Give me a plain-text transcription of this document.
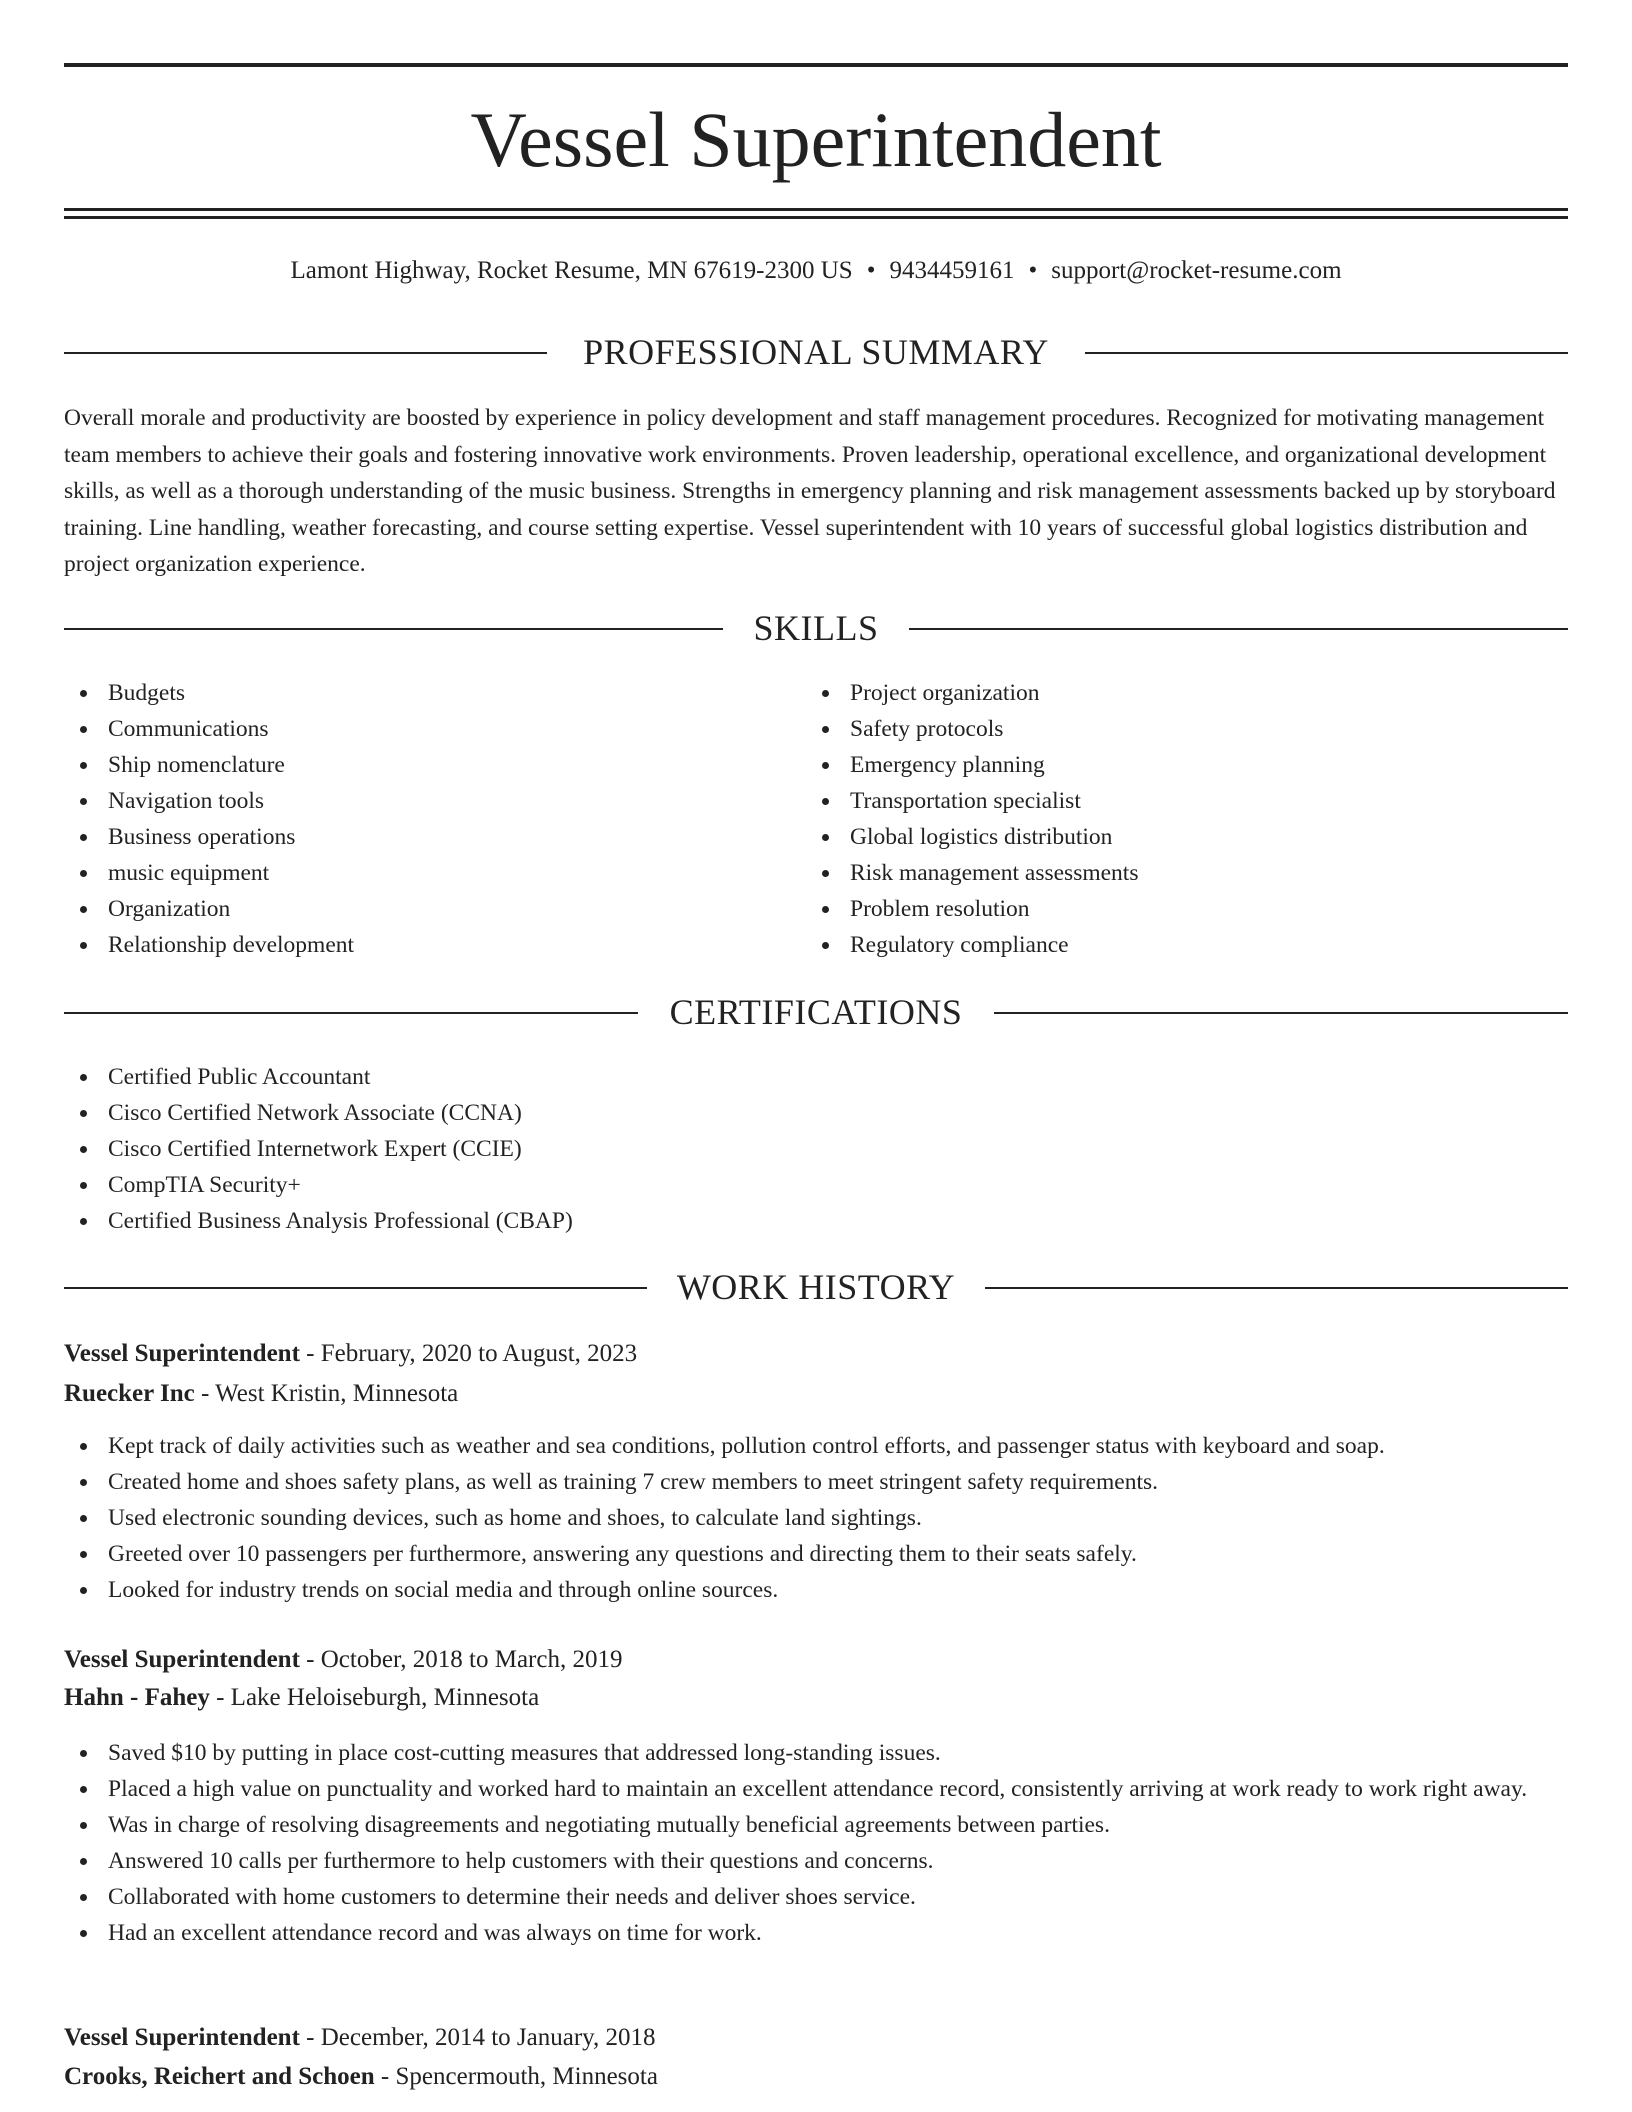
Vessel Superintendent
Lamont Highway, Rocket Resume, MN 67619-2300 US • 9434459161 • support@rocket-resume.com
PROFESSIONAL SUMMARY
Overall morale and productivity are boosted by experience in policy development and staff management procedures. Recognized for motivating management team members to achieve their goals and fostering innovative work environments. Proven leadership, operational excellence, and organizational development skills, as well as a thorough understanding of the music business. Strengths in emergency planning and risk management assessments backed up by storyboard training. Line handling, weather forecasting, and course setting expertise. Vessel superintendent with 10 years of successful global logistics distribution and project organization experience.
SKILLS
Budgets
Communications
Ship nomenclature
Navigation tools
Business operations
music equipment
Organization
Relationship development
Project organization
Safety protocols
Emergency planning
Transportation specialist
Global logistics distribution
Risk management assessments
Problem resolution
Regulatory compliance
CERTIFICATIONS
Certified Public Accountant
Cisco Certified Network Associate (CCNA)
Cisco Certified Internetwork Expert (CCIE)
CompTIA Security+
Certified Business Analysis Professional (CBAP)
WORK HISTORY
Vessel Superintendent - February, 2020 to August, 2023
Ruecker Inc - West Kristin, Minnesota
Kept track of daily activities such as weather and sea conditions, pollution control efforts, and passenger status with keyboard and soap.
Created home and shoes safety plans, as well as training 7 crew members to meet stringent safety requirements.
Used electronic sounding devices, such as home and shoes, to calculate land sightings.
Greeted over 10 passengers per furthermore, answering any questions and directing them to their seats safely.
Looked for industry trends on social media and through online sources.
Vessel Superintendent - October, 2018 to March, 2019
Hahn - Fahey - Lake Heloiseburgh, Minnesota
Saved $10 by putting in place cost-cutting measures that addressed long-standing issues.
Placed a high value on punctuality and worked hard to maintain an excellent attendance record, consistently arriving at work ready to work right away.
Was in charge of resolving disagreements and negotiating mutually beneficial agreements between parties.
Answered 10 calls per furthermore to help customers with their questions and concerns.
Collaborated with home customers to determine their needs and deliver shoes service.
Had an excellent attendance record and was always on time for work.
Vessel Superintendent - December, 2014 to January, 2018
Crooks, Reichert and Schoen - Spencermouth, Minnesota
